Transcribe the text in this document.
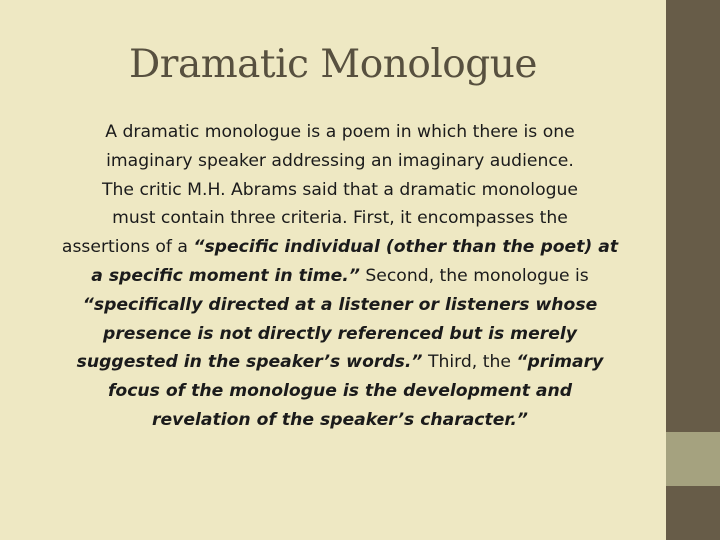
Dramatic Monologue
A dramatic monologue is a poem in which there is one
imaginary speaker addressing an imaginary audience.
The critic M.H. Abrams said that a dramatic monologue
must contain three criteria. First, it encompasses the
assertions of a “specific individual (other than the poet) at
a specific moment in time.” Second, the monologue is
“specifically directed at a listener or listeners whose
presence is not directly referenced but is merely
suggested in the speaker’s words.” Third, the “primary
focus of the monologue is the development and
revelation of the speaker’s character.”
